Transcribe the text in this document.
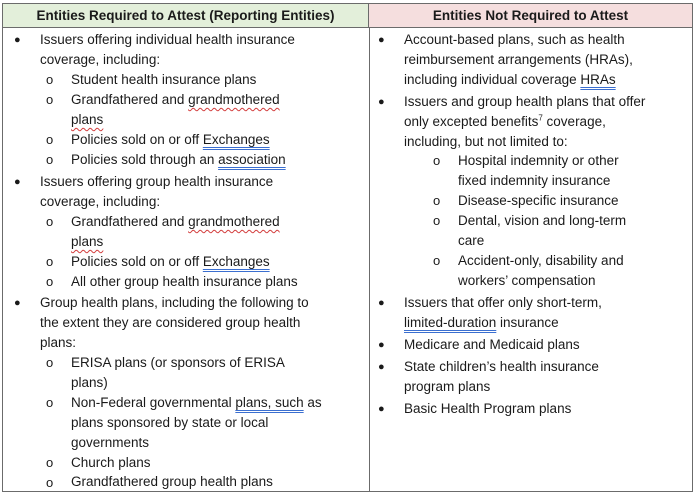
Entities Required to Attest (Reporting Entities)	Entities Not Required to Attest
● Issuers offering individual health insurance
coverage, including:
o Student health insurance plans
o Grandfathered and grandmothered
plans
o Policies sold on or off Exchanges
o Policies sold through an association
● Issuers offering group health insurance
coverage, including:
o Grandfathered and grandmothered
plans
o Policies sold on or off Exchanges
o All other group health insurance plans
● Group health plans, including the following to
the extent they are considered group health
plans:
o ERISA plans (or sponsors of ERISA
plans)
o Non-Federal governmental plans, such as
plans sponsored by state or local
governments
o Church plans
o Grandfathered group health plans
● Account-based plans, such as health
reimbursement arrangements (HRAs),
including individual coverage HRAs
● Issuers and group health plans that offer
only excepted benefits$^7$ coverage,
including, but not limited to:
o Hospital indemnity or other
fixed indemnity insurance
o Disease-specific insurance
o Dental, vision and long-term
care
o Accident-only, disability and
workers’ compensation
● Issuers that offer only short-term,
limited-duration insurance
● Medicare and Medicaid plans
● State children’s health insurance
program plans
● Basic Health Program plans
